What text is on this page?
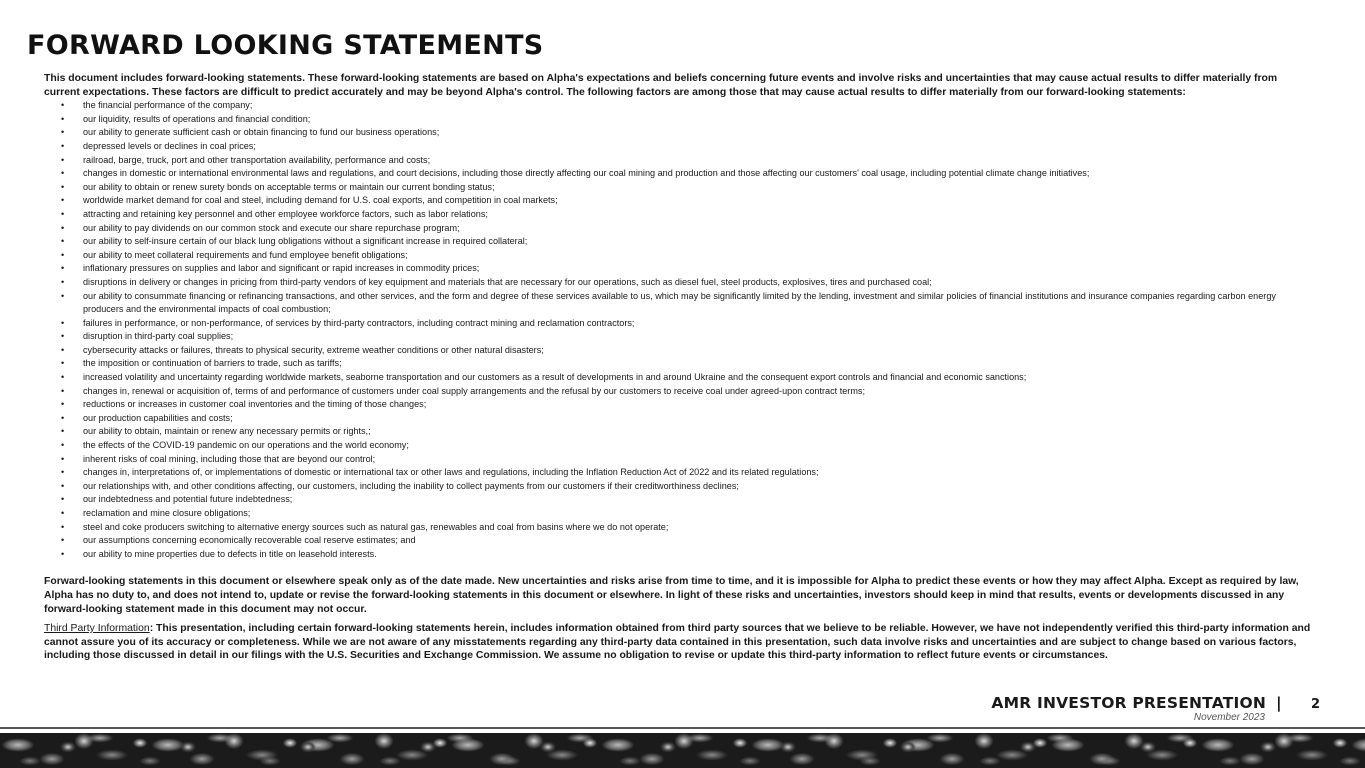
FORWARD LOOKING STATEMENTS

This document includes forward-looking statements. These forward-looking statements are based on Alpha's expectations and beliefs concerning future events and involve risks and uncertainties that may cause actual results to differ materially from current expectations. These factors are difficult to predict accurately and may be beyond Alpha's control. The following factors are among those that may cause actual results to differ materially from our forward-looking statements:

• the financial performance of the company;
• our liquidity, results of operations and financial condition;
• our ability to generate sufficient cash or obtain financing to fund our business operations;
• depressed levels or declines in coal prices;
• railroad, barge, truck, port and other transportation availability, performance and costs;
• changes in domestic or international environmental laws and regulations, and court decisions, including those directly affecting our coal mining and production and those affecting our customers' coal usage, including potential climate change initiatives;
• our ability to obtain or renew surety bonds on acceptable terms or maintain our current bonding status;
• worldwide market demand for coal and steel, including demand for U.S. coal exports, and competition in coal markets;
• attracting and retaining key personnel and other employee workforce factors, such as labor relations;
• our ability to pay dividends on our common stock and execute our share repurchase program;
• our ability to self-insure certain of our black lung obligations without a significant increase in required collateral;
• our ability to meet collateral requirements and fund employee benefit obligations;
• inflationary pressures on supplies and labor and significant or rapid increases in commodity prices;
• disruptions in delivery or changes in pricing from third-party vendors of key equipment and materials that are necessary for our operations, such as diesel fuel, steel products, explosives, tires and purchased coal;
• our ability to consummate financing or refinancing transactions, and other services, and the form and degree of these services available to us, which may be significantly limited by the lending, investment and similar policies of financial institutions and insurance companies regarding carbon energy producers and the environmental impacts of coal combustion;
• failures in performance, or non-performance, of services by third-party contractors, including contract mining and reclamation contractors;
• disruption in third-party coal supplies;
• cybersecurity attacks or failures, threats to physical security, extreme weather conditions or other natural disasters;
• the imposition or continuation of barriers to trade, such as tariffs;
• increased volatility and uncertainty regarding worldwide markets, seaborne transportation and our customers as a result of developments in and around Ukraine and the consequent export controls and financial and economic sanctions;
• changes in, renewal or acquisition of, terms of and performance of customers under coal supply arrangements and the refusal by our customers to receive coal under agreed-upon contract terms;
• reductions or increases in customer coal inventories and the timing of those changes;
• our production capabilities and costs;
• our ability to obtain, maintain or renew any necessary permits or rights,;
• the effects of the COVID-19 pandemic on our operations and the world economy;
• inherent risks of coal mining, including those that are beyond our control;
• changes in, interpretations of, or implementations of domestic or international tax or other laws and regulations, including the Inflation Reduction Act of 2022 and its related regulations;
• our relationships with, and other conditions affecting, our customers, including the inability to collect payments from our customers if their creditworthiness declines;
• our indebtedness and potential future indebtedness;
• reclamation and mine closure obligations;
• steel and coke producers switching to alternative energy sources such as natural gas, renewables and coal from basins where we do not operate;
• our assumptions concerning economically recoverable coal reserve estimates; and
• our ability to mine properties due to defects in title on leasehold interests.

Forward-looking statements in this document or elsewhere speak only as of the date made. New uncertainties and risks arise from time to time, and it is impossible for Alpha to predict these events or how they may affect Alpha. Except as required by law, Alpha has no duty to, and does not intend to, update or revise the forward-looking statements in this document or elsewhere. In light of these risks and uncertainties, investors should keep in mind that results, events or developments discussed in any forward-looking statement made in this document may not occur.

Third Party Information: This presentation, including certain forward-looking statements herein, includes information obtained from third party sources that we believe to be reliable. However, we have not independently verified this third-party information and cannot assure you of its accuracy or completeness. While we are not aware of any misstatements regarding any third-party data contained in this presentation, such data involve risks and uncertainties and are subject to change based on various factors, including those discussed in detail in our filings with the U.S. Securities and Exchange Commission. We assume no obligation to revise or update this third-party information to reflect future events or circumstances.

AMR INVESTOR PRESENTATION |
November 2023
2
